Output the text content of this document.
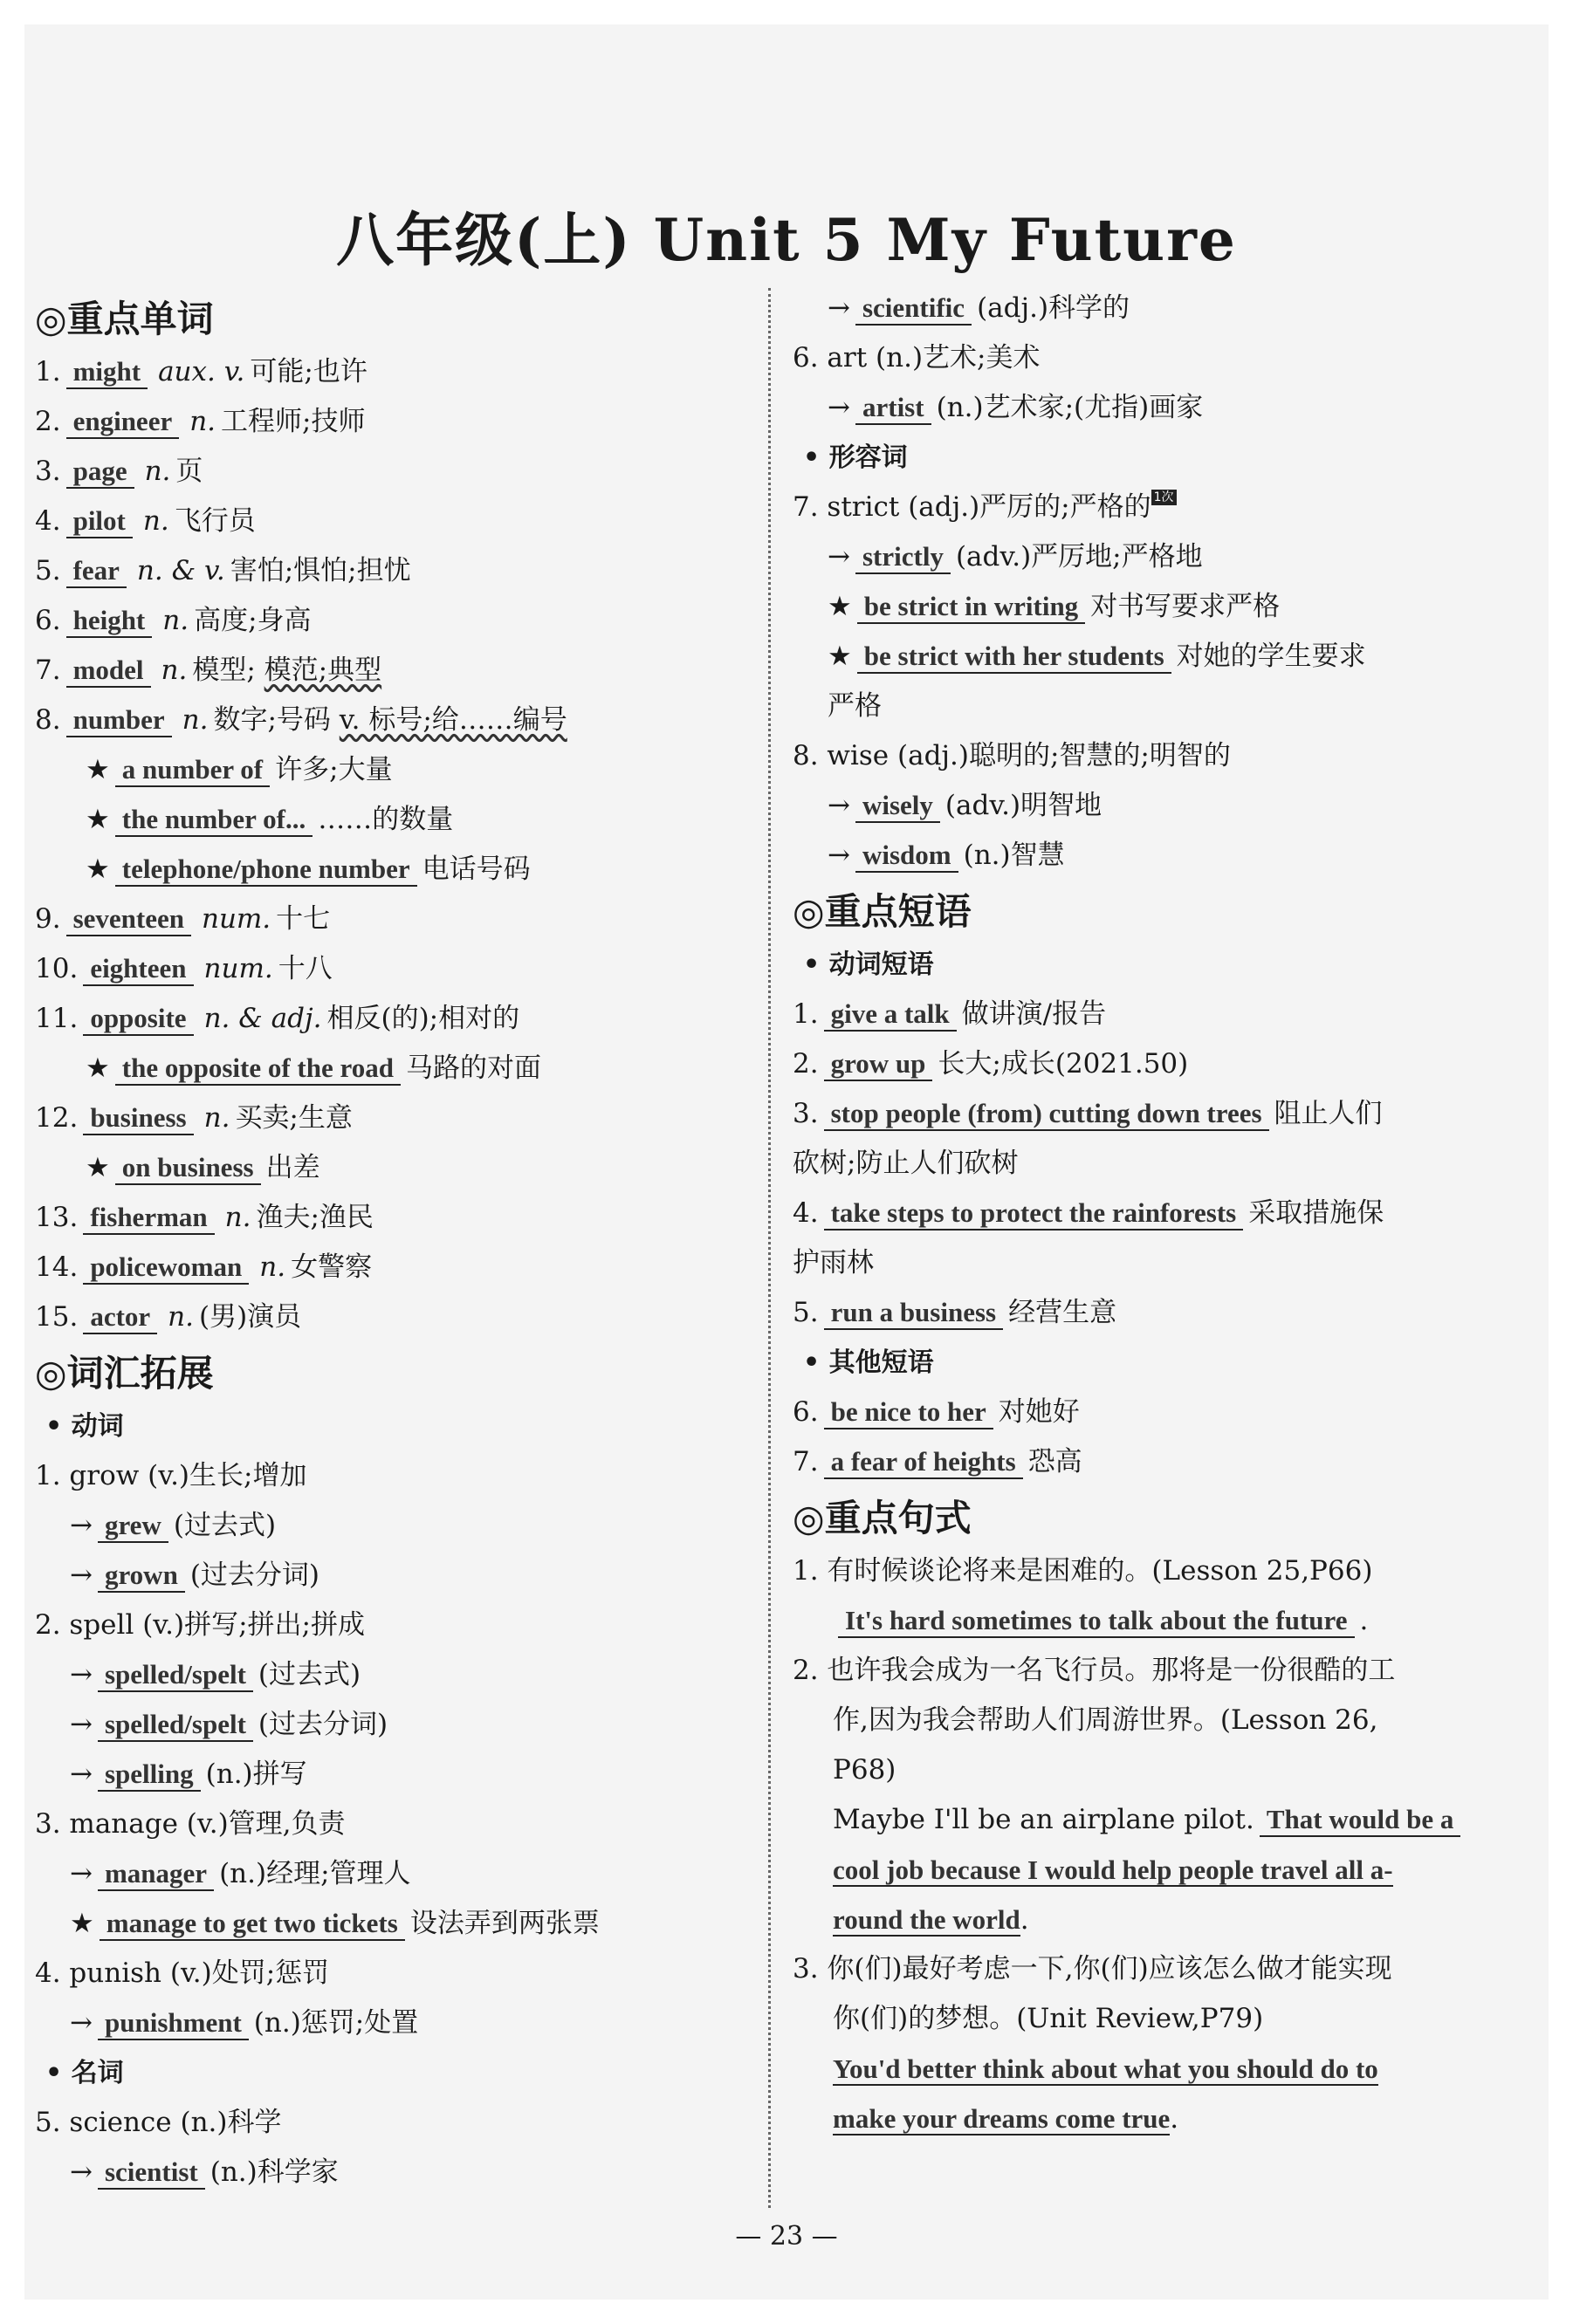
八年级(上) Unit 5 My Future
◎重点单词
1. might aux. v. 可能;也许
2. engineer n. 工程师;技师
3. page n. 页
4. pilot n. 飞行员
5. fear n. & v. 害怕;惧怕;担忧
6. height n. 高度;身高
7. model n. 模型; 模范;典型
8. number n. 数字;号码 v. 标号;给……编号
★ a number of 许多;大量
★ the number of... ……的数量
★ telephone/phone number 电话号码
9. seventeen num. 十七
10. eighteen num. 十八
11. opposite n. & adj. 相反(的);相对的
★ the opposite of the road 马路的对面
12. business n. 买卖;生意
★ on business 出差
13. fisherman n. 渔夫;渔民
14. policewoman n. 女警察
15. actor n. (男)演员
◎词汇拓展
• 动词
1. grow (v.)生长;增加
→ grew (过去式)
→ grown (过去分词)
2. spell (v.)拼写;拼出;拼成
→ spelled/spelt (过去式)
→ spelled/spelt (过去分词)
→ spelling (n.)拼写
3. manage (v.)管理,负责
→ manager (n.)经理;管理人
★ manage to get two tickets 设法弄到两张票
4. punish (v.)处罚;惩罚
→ punishment (n.)惩罚;处置
• 名词
5. science (n.)科学
→ scientist (n.)科学家
→ scientific (adj.)科学的
6. art (n.)艺术;美术
→ artist (n.)艺术家;(尤指)画家
• 形容词
7. strict (adj.)严厉的;严格的 1次
→ strictly (adv.)严厉地;严格地
★ be strict in writing 对书写要求严格
★ be strict with her students 对她的学生要求
严格
8. wise (adj.)聪明的;智慧的;明智的
→ wisely (adv.)明智地
→ wisdom (n.)智慧
◎重点短语
• 动词短语
1. give a talk 做讲演/报告
2. grow up 长大;成长(2021.50)
3. stop people (from) cutting down trees 阻止人们
砍树;防止人们砍树
4. take steps to protect the rainforests 采取措施保
护雨林
5. run a business 经营生意
• 其他短语
6. be nice to her 对她好
7. a fear of heights 恐高
◎重点句式
1. 有时候谈论将来是困难的。(Lesson 25,P66)
It's hard sometimes to talk about the future .
2. 也许我会成为一名飞行员。那将是一份很酷的工
作,因为我会帮助人们周游世界。(Lesson 26,
P68)
Maybe I'll be an airplane pilot. That would be a
cool job because I would help people travel all a-
round the world.
3. 你(们)最好考虑一下,你(们)应该怎么做才能实现
你(们)的梦想。(Unit Review,P79)
You'd better think about what you should do to
make your dreams come true.
— 23 —
